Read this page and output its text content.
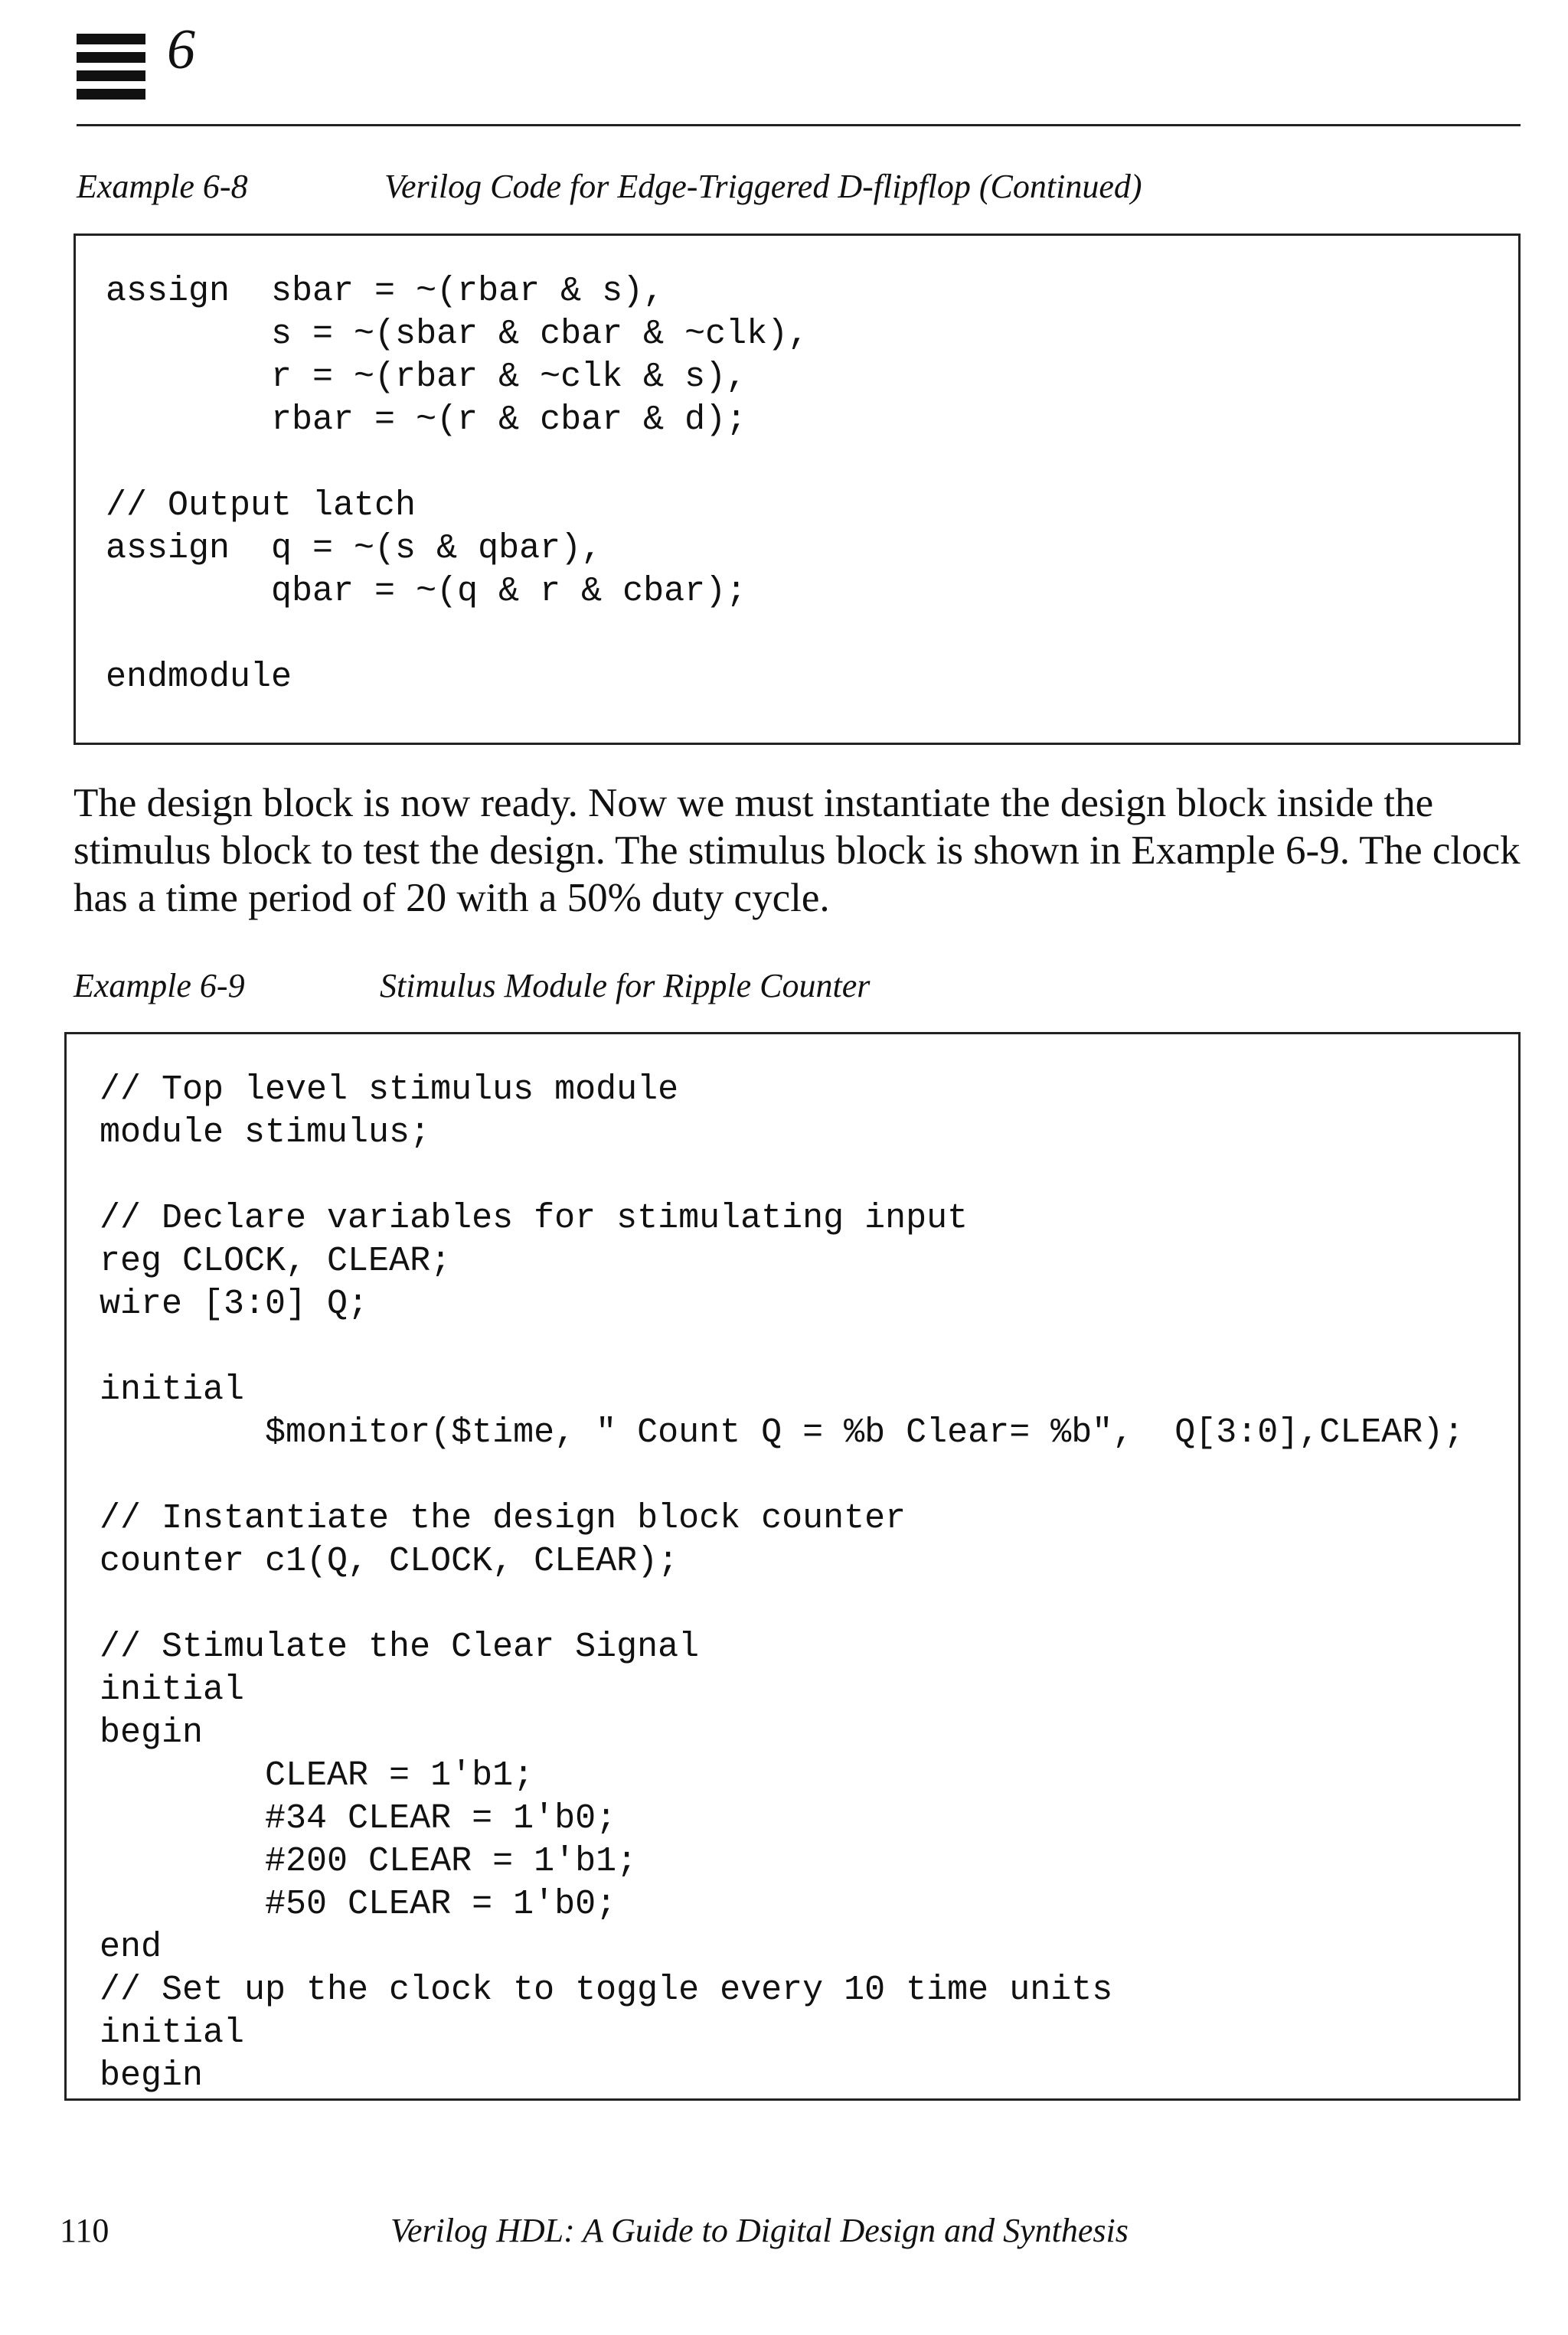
6
Example 6-8	Verilog Code for Edge-Triggered D-flipflop (Continued)
assign  sbar = ~(rbar & s),
s = ~(sbar & cbar & ~clk),
r = ~(rbar & ~clk & s),
rbar = ~(r & cbar & d);

// Output latch
assign  q = ~(s & qbar),
qbar = ~(q & r & cbar);

endmodule

The design block is now ready. Now we must instantiate the design block inside the stimulus block to test the design. The stimulus block is shown in Example 6-9. The clock has a time period of 20 with a 50% duty cycle.

Example 6-9	Stimulus Module for Ripple Counter
// Top level stimulus module
module stimulus;

// Declare variables for stimulating input
reg CLOCK, CLEAR;
wire [3:0] Q;

initial
$monitor($time, " Count Q = %b Clear= %b",  Q[3:0],CLEAR);

// Instantiate the design block counter
counter c1(Q, CLOCK, CLEAR);

// Stimulate the Clear Signal
initial
begin
CLEAR = 1'b1;
#34 CLEAR = 1'b0;
#200 CLEAR = 1'b1;
#50 CLEAR = 1'b0;
end
// Set up the clock to toggle every 10 time units
initial
begin
110	Verilog HDL: A Guide to Digital Design and Synthesis
